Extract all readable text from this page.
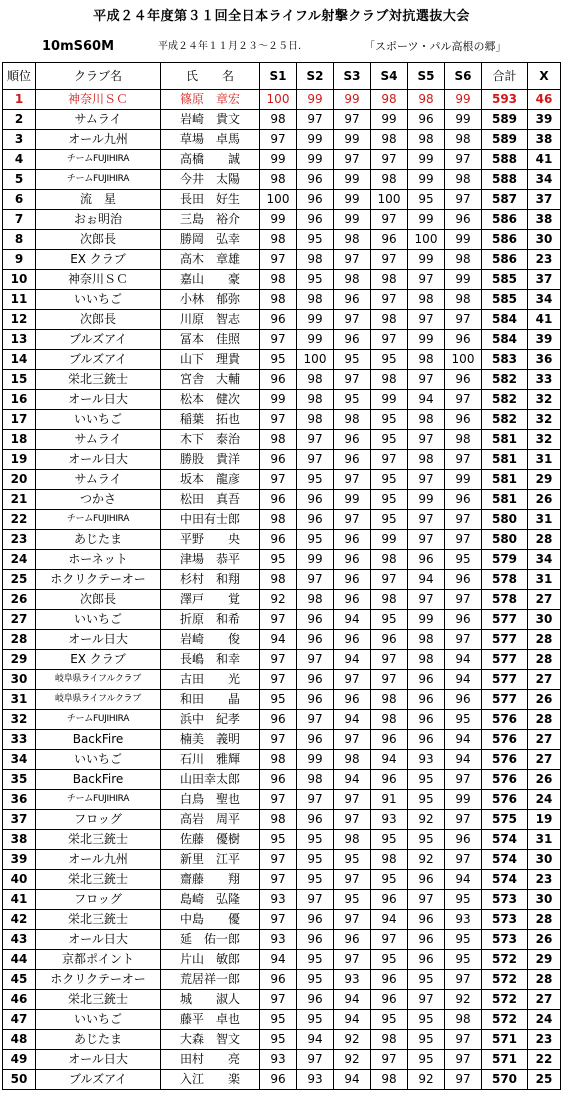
平成２４年度第３１回全日本ライフル射撃クラブ対抗選抜大会
10mS60M	平成２４年１１月２３～２５日.	「スポーツ・パル高根の郷」
順位	クラブ名	氏　　名	S1	S2	S3	S4	S5	S6	合計	X
1	神奈川ＳＣ	篠原　章宏	100	99	99	98	98	99	593	46
2	サムライ	岩崎　貴文	98	97	97	99	96	99	589	39
3	オール九州	草場　卓馬	97	99	99	98	98	98	589	38
4	チームFUJIHIRA	高橋　　誠	99	99	97	97	99	97	588	41
5	チームFUJIHIRA	今井　太陽	98	96	99	98	99	98	588	34
6	流　星	長田　好生	100	96	99	100	95	97	587	37
7	おぉ明治	三島　裕介	99	96	99	97	99	96	586	38
8	次郎長	勝岡　弘幸	98	95	98	96	100	99	586	30
9	EX クラブ	高木　章雄	97	98	97	97	99	98	586	23
10	神奈川ＳＣ	嘉山　　豪	98	95	98	98	97	99	585	37
11	いいちご	小林　郁弥	98	98	96	97	98	98	585	34
12	次郎長	川原　智志	96	99	97	98	97	97	584	41
13	ブルズアイ	冨本　佳照	97	99	96	97	99	96	584	39
14	ブルズアイ	山下　理貴	95	100	95	95	98	100	583	36
15	栄北三銃士	宮舎　大輔	96	98	97	98	97	96	582	33
16	オール日大	松本　健次	99	98	95	99	94	97	582	32
17	いいちご	稲葉　拓也	97	98	98	95	98	96	582	32
18	サムライ	木下　泰治	98	97	96	95	97	98	581	32
19	オール日大	勝股　貴洋	96	97	96	97	98	97	581	31
20	サムライ	坂本　龍彦	97	95	97	95	97	99	581	29
21	つかさ	松田　真吾	96	96	99	95	99	96	581	26
22	チームFUJIHIRA	中田有士郎	98	96	97	95	97	97	580	31
23	あじたま	平野　　央	96	95	96	99	97	97	580	28
24	ホーネット	津場　恭平	95	99	96	98	96	95	579	34
25	ホクリクテーオー	杉村　和翔	98	97	96	97	94	96	578	31
26	次郎長	澤戸　　覚	92	98	96	98	97	97	578	27
27	いいちご	折原　和希	97	96	94	95	99	96	577	30
28	オール日大	岩崎　　俊	94	96	96	96	98	97	577	28
29	EX クラブ	長嶋　和幸	97	97	94	97	98	94	577	28
30	岐阜県ライフルクラブ	古田　　光	97	96	97	97	96	94	577	27
31	岐阜県ライフルクラブ	和田　　晶	95	96	96	98	96	96	577	26
32	チームFUJIHIRA	浜中　紀孝	96	97	94	98	96	95	576	28
33	BackFire	楠美　義明	97	96	97	96	96	94	576	27
34	いいちご	石川　雅輝	98	99	98	94	93	94	576	27
35	BackFire	山田幸太郎	96	98	94	96	95	97	576	26
36	チームFUJIHIRA	白鳥　聖也	97	97	97	91	95	99	576	24
37	フロッグ	高岩　周平	98	96	97	93	92	97	575	19
38	栄北三銃士	佐藤　優樹	95	95	98	95	95	96	574	31
39	オール九州	新里　江平	97	95	95	98	92	97	574	30
40	栄北三銃士	齋藤　　翔	97	95	97	95	96	94	574	23
41	フロッグ	島崎　弘隆	93	97	95	96	97	95	573	30
42	栄北三銃士	中島　　優	97	96	97	94	96	93	573	28
43	オール日大	延　佑一郎	93	96	96	97	96	95	573	26
44	京都ポイント	片山　敏郎	94	95	97	95	96	95	572	29
45	ホクリクテーオー	荒居祥一郎	96	95	93	96	95	97	572	28
46	栄北三銃士	城　　淑人	97	96	94	96	97	92	572	27
47	いいちご	藤平　卓也	95	95	94	95	95	98	572	24
48	あじたま	大森　智文	95	94	92	98	95	97	571	23
49	オール日大	田村　　亮	93	97	92	97	95	97	571	22
50	ブルズアイ	入江　　楽	96	93	94	98	92	97	570	25
